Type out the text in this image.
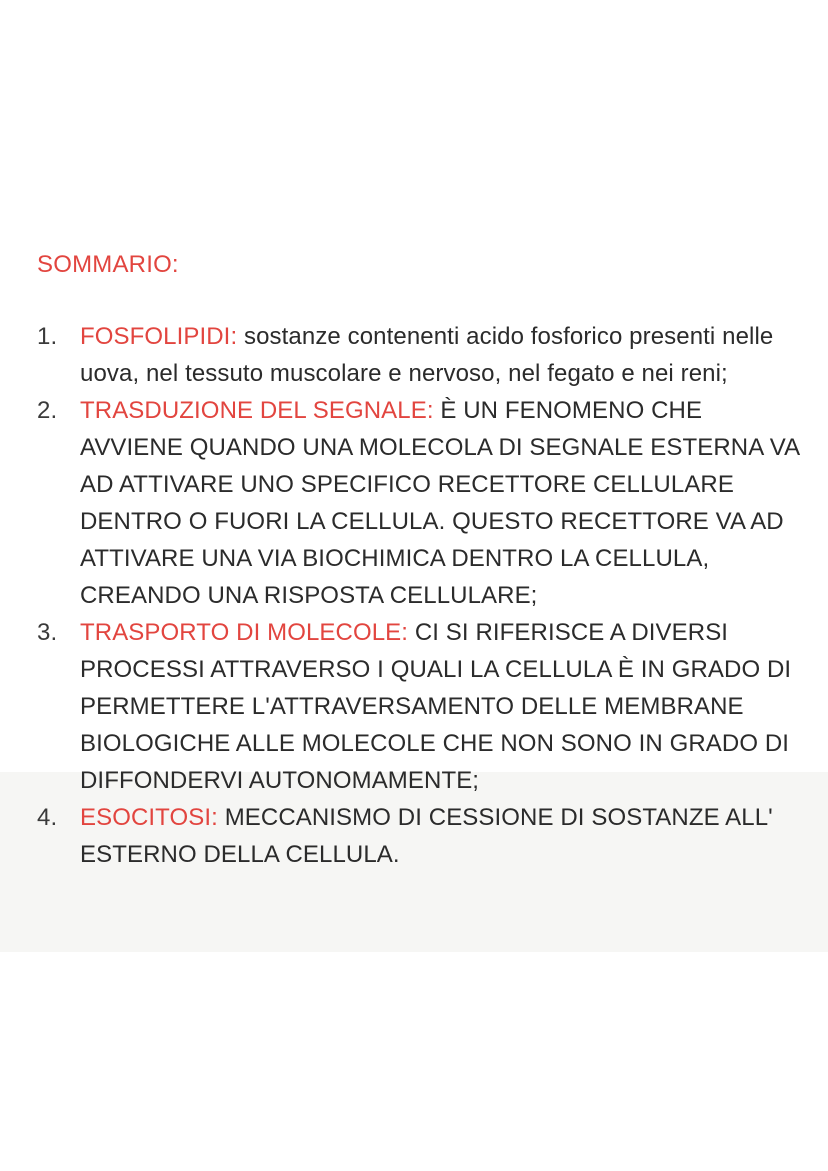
SOMMARIO:
1. FOSFOLIPIDI: sostanze contenenti acido fosforico presenti nelle uova, nel tessuto muscolare e nervoso, nel fegato e nei reni;
2. TRASDUZIONE DEL SEGNALE: È UN FENOMENO CHE AVVIENE QUANDO UNA MOLECOLA DI SEGNALE ESTERNA VA AD ATTIVARE UNO SPECIFICO RECETTORE CELLULARE DENTRO O FUORI LA CELLULA. QUESTO RECETTORE VA AD ATTIVARE UNA VIA BIOCHIMICA DENTRO LA CELLULA, CREANDO UNA RISPOSTA CELLULARE;
3. TRASPORTO DI MOLECOLE: CI SI RIFERISCE A DIVERSI PROCESSI ATTRAVERSO I QUALI LA CELLULA È IN GRADO DI PERMETTERE L'ATTRAVERSAMENTO DELLE MEMBRANE BIOLOGICHE ALLE MOLECOLE CHE NON SONO IN GRADO DI DIFFONDERVI AUTONOMAMENTE;
4. ESOCITOSI: MECCANISMO DI CESSIONE DI SOSTANZE ALL' ESTERNO DELLA CELLULA.
